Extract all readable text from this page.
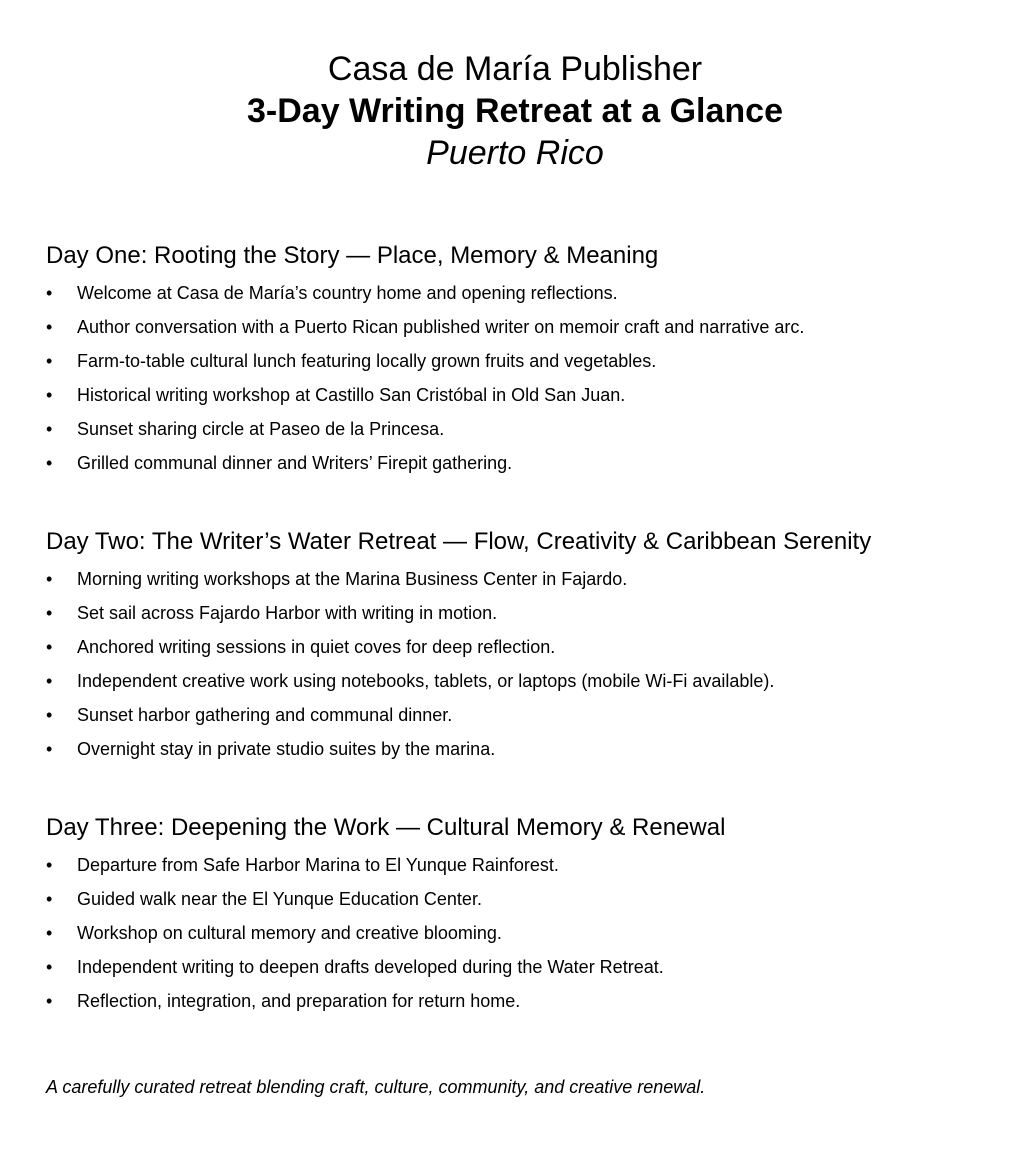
Casa de María Publisher
3-Day Writing Retreat at a Glance
Puerto Rico
Day One: Rooting the Story — Place, Memory & Meaning
•	Welcome at Casa de María’s country home and opening reflections.
•	Author conversation with a Puerto Rican published writer on memoir craft and narrative arc.
•	Farm-to-table cultural lunch featuring locally grown fruits and vegetables.
•	Historical writing workshop at Castillo San Cristóbal in Old San Juan.
•	Sunset sharing circle at Paseo de la Princesa.
•	Grilled communal dinner and Writers’ Firepit gathering.
Day Two: The Writer’s Water Retreat — Flow, Creativity & Caribbean Serenity
•	Morning writing workshops at the Marina Business Center in Fajardo.
•	Set sail across Fajardo Harbor with writing in motion.
•	Anchored writing sessions in quiet coves for deep reflection.
•	Independent creative work using notebooks, tablets, or laptops (mobile Wi-Fi available).
•	Sunset harbor gathering and communal dinner.
•	Overnight stay in private studio suites by the marina.
Day Three: Deepening the Work — Cultural Memory & Renewal
•	Departure from Safe Harbor Marina to El Yunque Rainforest.
•	Guided walk near the El Yunque Education Center.
•	Workshop on cultural memory and creative blooming.
•	Independent writing to deepen drafts developed during the Water Retreat.
•	Reflection, integration, and preparation for return home.
A carefully curated retreat blending craft, culture, community, and creative renewal.
